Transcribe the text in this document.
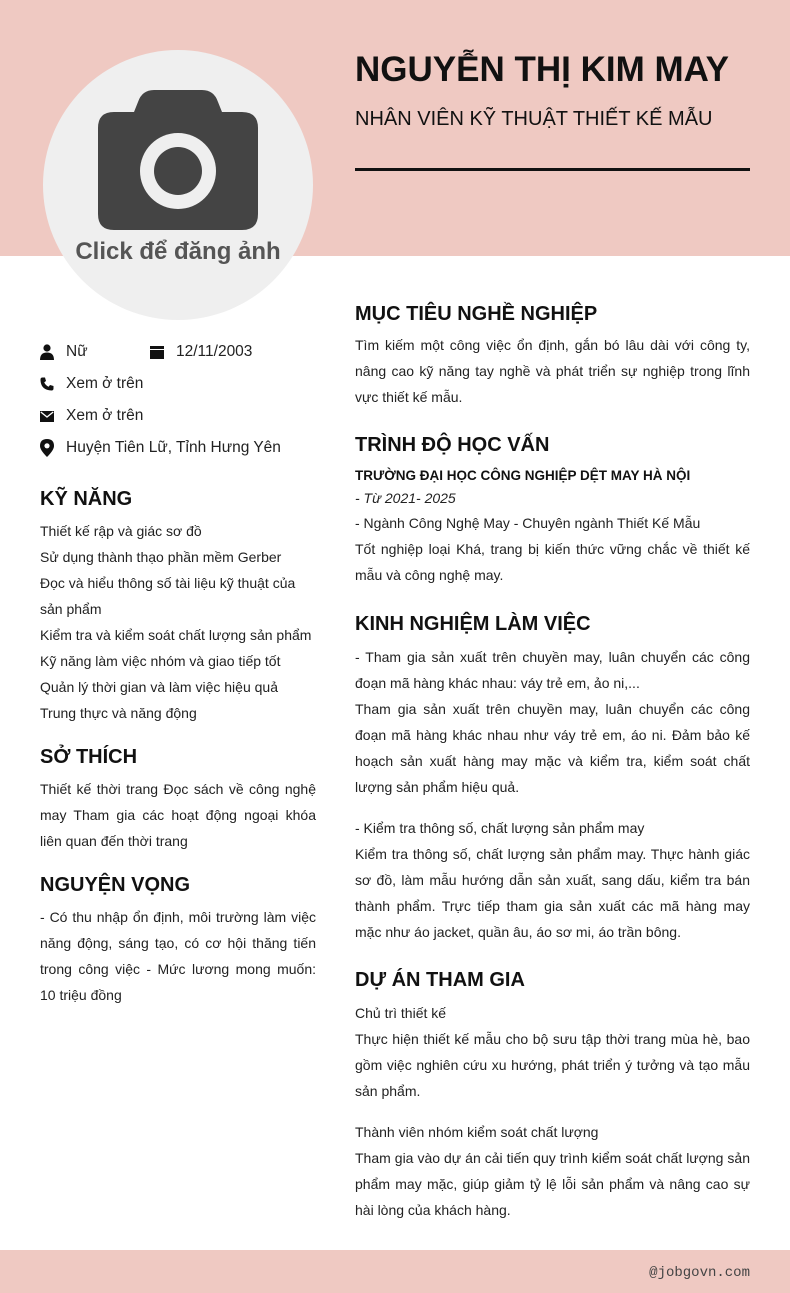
Click để đăng ảnh
NGUYỄN THỊ KIM MAY
NHÂN VIÊN KỸ THUẬT THIẾT KẾ MẪU
Nữ	12/11/2003
Xem ở trên
Xem ở trên
Huyện Tiên Lữ, Tỉnh Hưng Yên
KỸ NĂNG
Thiết kế rập và giác sơ đồ
Sử dụng thành thạo phần mềm Gerber
Đọc và hiểu thông số tài liệu kỹ thuật của sản phẩm
Kiểm tra và kiểm soát chất lượng sản phẩm
Kỹ năng làm việc nhóm và giao tiếp tốt
Quản lý thời gian và làm việc hiệu quả
Trung thực và năng động
SỞ THÍCH
Thiết kế thời trang Đọc sách về công nghệ may Tham gia các hoạt động ngoại khóa liên quan đến thời trang
NGUYỆN VỌNG
- Có thu nhập ổn định, môi trường làm việc năng động, sáng tạo, có cơ hội thăng tiến trong công việc - Mức lương mong muốn: 10 triệu đồng
MỤC TIÊU NGHỀ NGHIỆP
Tìm kiếm một công việc ổn định, gắn bó lâu dài với công ty, nâng cao kỹ năng tay nghề và phát triển sự nghiệp trong lĩnh vực thiết kế mẫu.
TRÌNH ĐỘ HỌC VẤN
TRƯỜNG ĐẠI HỌC CÔNG NGHIỆP DỆT MAY HÀ NỘI
- Từ 2021- 2025
- Ngành Công Nghệ May - Chuyên ngành Thiết Kế Mẫu
Tốt nghiệp loại Khá, trang bị kiến thức vững chắc về thiết kế mẫu và công nghệ may.
KINH NGHIỆM LÀM VIỆC
- Tham gia sản xuất trên chuyền may, luân chuyển các công đoạn mã hàng khác nhau: váy trẻ em, ảo ni,...
Tham gia sản xuất trên chuyền may, luân chuyển các công đoạn mã hàng khác nhau như váy trẻ em, áo ni. Đảm bảo kế hoạch sản xuất hàng may mặc và kiểm tra, kiểm soát chất lượng sản phẩm hiệu quả.
- Kiểm tra thông số, chất lượng sản phẩm may
Kiểm tra thông số, chất lượng sản phẩm may. Thực hành giác sơ đồ, làm mẫu hướng dẫn sản xuất, sang dấu, kiểm tra bán thành phẩm. Trực tiếp tham gia sản xuất các mã hàng may mặc như áo jacket, quần âu, áo sơ mi, áo trần bông.
DỰ ÁN THAM GIA
Chủ trì thiết kế
Thực hiện thiết kế mẫu cho bộ sưu tập thời trang mùa hè, bao gồm việc nghiên cứu xu hướng, phát triển ý tưởng và tạo mẫu sản phẩm.
Thành viên nhóm kiểm soát chất lượng
Tham gia vào dự án cải tiến quy trình kiểm soát chất lượng sản phẩm may mặc, giúp giảm tỷ lệ lỗi sản phẩm và nâng cao sự hài lòng của khách hàng.
@jobgovn.com
